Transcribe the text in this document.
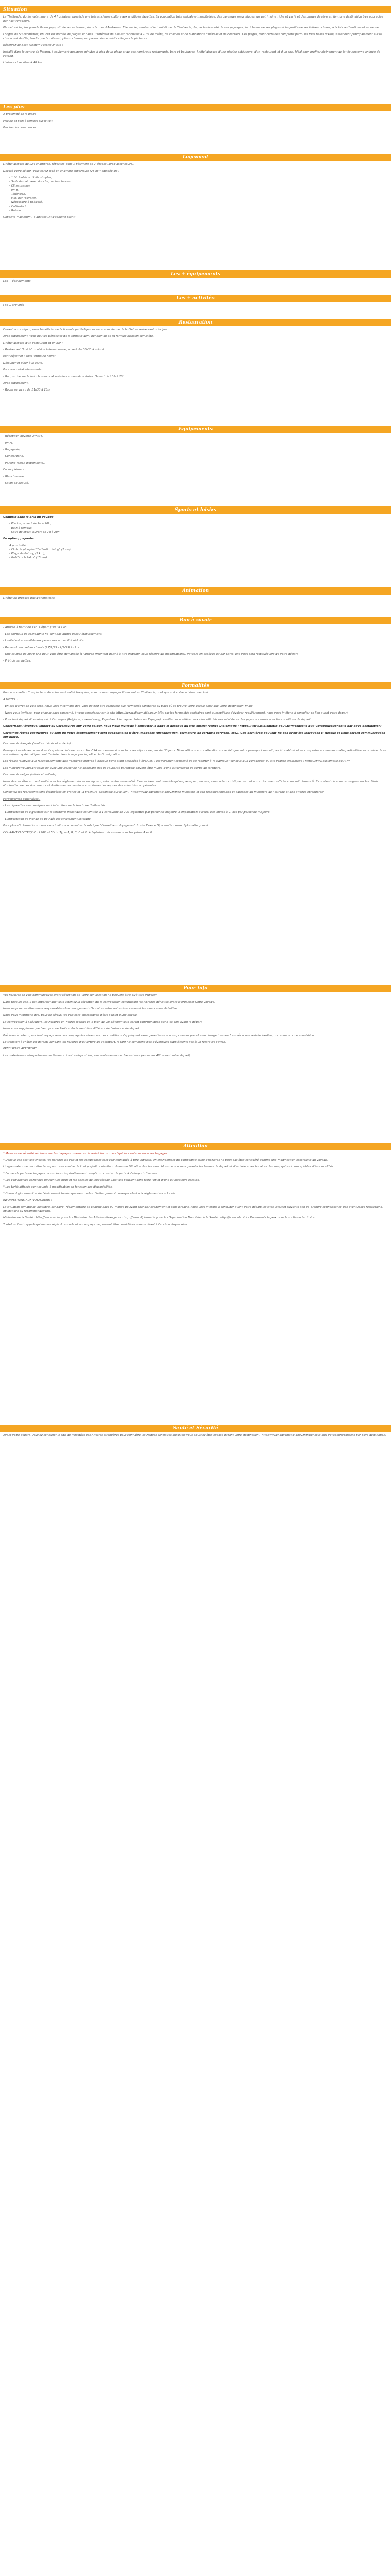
Situation

La Thaïlande, dotée notamment de 4 frontières, possède une très ancienne culture aux multiples facettes. Sa population très amicale et hospitalière, des paysages magnifiques, un patrimoine riche et varié et des plages de rêve en font une destination très appréciée par nos voyageurs.

Phuket est la plus grande île du pays, située au sud-ouest, dans la mer d'Andaman. Elle est le premier pôle touristique de Thaïlande, de par la diversité de ses paysages, la richesse de ses plages et la qualité de ses infrastructures, à la fois authentique et moderne.

Longue de 50 kilomètres, Phuket est bordée de plages et baies. L'intérieur de l'île est recouvert à 70% de forêts, de collines et de plantations d'hévéas et de cocotiers. Les plages, dont certaines comptent parmi les plus belles d'Asie, s'étendent principalement sur la côte ouest de l'île, tandis que la côte est, plus rocheuse, est parsemée de petits villages de pêcheurs.

Réservez au Best Western Patong 3* sup !

Installé dans le centre de Patong, à seulement quelques minutes à pied de la plage et de ses nombreux restaurants, bars et boutiques, l'hôtel dispose d'une piscine extérieure, d'un restaurant et d'un spa. Idéal pour profiter pleinement de la vie nocturne animée de Patong.

L'aéroport se situe à 40 km.

Les plus

A proximité de la plage

Piscine et bain à remous sur le toit

Proche des commerces

Logement

L'hôtel dispose de 224 chambres, réparties dans 1 bâtiment de 7 étages (avec ascenseurs).

Decoré votre séjour, vous serez logé en chambre supérieure (25 m²) équipée de :

• - 1 lit double ou 2 lits simples,
• - Salle de bain avec douche, sèche-cheveux,
• - Climatisation,
• - Wi-fi,
• - Télévision,
• - Mini-bar (payant),
• - Nécessaire à thé/café,
• - Coffre-fort,
• - Balcon.

Capacité maximum : 3 adultes (lit d'appoint pliant).

Les + équipements

Les + équipements

Les + activités

Les + activités

Restauration

Durant votre séjour, vous bénéficiez de la formule petit-déjeuner servi sous forme de buffet au restaurant principal.

Avec supplément, vous pouvez bénéficier de la formule demi-pension ou de la formule pension complète.

L'hôtel dispose d'un restaurant et un bar :

- Restaurant "Inside" : cuisine internationale, ouvert de 06h30 à minuit.

Petit déjeuner : sous forme de buffet.

Déjeuner et dîner à la carte.

Pour vos rafraîchissements :

- Bar piscine sur le toit : boissons alcoolisées et non alcoolisées. Ouvert de 10h à 20h.

Avec supplément :

- Room service : de 11h30 à 23h.

Equipements

- Réception ouverte 24h/24,

- Wi-Fi,

- Bagagerie,

- Conciergerie,

- Parking (selon disponibilité).

En supplément :

- Blanchisserie,

- Salon de beauté.

Sports et loisirs

Compris dans le prix du voyage

• - Piscine, ouvert de 7h à 20h,
• - Bain à remous,
• - Salle de sport, ouvert de 7h à 20h.

En option, payante

• A proximité :
• - Club de plongée "L'atlantic diving" (2 km),
• - Plage de Patong (2 km),
• - Golf "Loch Palm" (15 km).
Animation

L'hôtel ne propose pas d'animations.

Bon à savoir

- Arrivée à partir de 14h. Départ jusqu'à 12h.

- Les animaux de compagnie ne sont pas admis dans l'établissement.

- L'hôtel est accessible aux personnes à mobilité réduite.

- Repas du nouvel an chinois (17/1/25 - 2/2/25) inclus.

- Une caution de 3000 THB peut vous être demandée à l'arrivée (montant donné à titre indicatif, sous réserve de modifications). Payable en espèces ou par carte. Elle vous sera restituée lors de votre départ.

- Prêt de serviettes.

Formalités

Bonne nouvelle : Compte tenu de votre nationalité française, vous pouvez voyager librement en Thaïlande, quel que soit votre schéma vaccinal.

A NOTER :

- En cas d'arrêt de vols secs, nous vous informons que vous devrez être conforme aux formalités sanitaires du pays où se trouve votre escale ainsi que votre destination finale.

- Nous vous invitons, pour chaque pays concerné, à vous renseigner sur le site https://www.diplomatie.gouv.fr/fr/ car les formalités sanitaires sont susceptibles d'évoluer régulièrement, nous vous invitons à consulter ce lien avant votre départ.

- Pour tout départ d'un aéroport à l'étranger (Belgique, Luxembourg, Pays-Bas, Allemagne, Suisse ou Espagne), veuillez vous référer aux sites officiels des ministères des pays concernés pour les conditions de départ.

Concernant l'éventuel impact du Coronavirus sur votre séjour, nous vous invitons à consulter la page ci-dessous du site officiel France Diplomatie : https://www.diplomatie.gouv.fr/fr/conseils-aux-voyageurs/conseils-par-pays-destination/

Certaines règles restrictives au sein de votre établissement sont susceptibles d'être imposées (distanciation, fermeture de certains services, etc.). Ces dernières peuvent ne pas avoir été indiquées ci-dessus et vous seront communiquées sur place.

Documents français (adultes, bébés et enfants) :

Passeport valide au moins 6 mois après la date de retour. Un VISA est demandé pour tous les séjours de plus de 30 jours. Nous attirons votre attention sur le fait que votre passeport ne doit pas être abîmé et ne comporter aucune anomalie particulière sous peine de se voir refuser systématiquement l'entrée dans le pays par la police de l'immigration.

Les règles relatives aux fonctionnements des frontières propres à chaque pays étant amenées à évoluer, il est vivement conseillé de se reporter à la rubrique "conseils aux voyageurs" du site France Diplomatie : https://www.diplomatie.gouv.fr/

Les mineurs voyageant seuls ou avec une personne ne disposant pas de l'autorité parentale doivent être munis d'une autorisation de sortie du territoire.

Documents belges (bébés et enfants) :

Nous devons être en conformité pour les réglementations en vigueur, selon votre nationalité. Il est notamment possible qu'un passeport, un visa, une carte touristique ou tout autre document officiel vous soit demandé. Il convient de vous renseigner sur les délais d'obtention de ces documents et d'effectuer vous-même vos démarches auprès des autorités compétentes.

Consultez les représentations étrangères en France et la brochure disponible sur le lien : https://www.diplomatie.gouv.fr/fr/le-ministere-et-son-reseau/annuaires-et-adresses-du-ministere-de-l-europe-et-des-affaires-etrangeres/

Particularités douanières :

- Les cigarettes électroniques sont interdites sur le territoire thaïlandais.

- L'importation de cigarettes sur le territoire thaïlandais est limitée à 1 cartouche de 200 cigarettes par personne majeure. L'importation d'alcool est limitée à 1 litre par personne majeure.

- L'importation de viande de bovidés est strictement interdite.

Pour plus d'informations, nous vous invitons à consulter la rubrique "Conseil aux Voyageurs" du site France Diplomatie : www.diplomatie.gouv.fr

COURANT ÉLECTRIQUE : 220V et 50Hz, Type A, B, C, F et O. Adaptateur nécessaire pour les prises A et B.

Pour info

Vos horaires de vols communiqués avant réception de votre convocation ne peuvent être qu'à titre indicatif.

Dans tous les cas, il est impératif que vous reteniez la réception de la convocation comportant les horaires définitifs avant d'organiser votre voyage.

Nous ne pouvons être tenus responsables d'un changement d'horaires entre votre réservation et la convocation définitive.

Nous vous informons que, pour ce séjour, les vols sont susceptibles d'être l'objet d'une escale.

La convocation à l'aéroport, les horaires en heures locales et le plan de vol définitif vous seront communiqués dans les 48h avant le départ.

Nous vous suggérons que l'aéroport de Paris et Paris peut être différent de l'aéroport de départ.

Précision à noter : pour tout voyage avec les compagnies aériennes, ces conditions s'appliquent sans garanties que nous pourrons prendre en charge tous les frais liés à une arrivée tardive, un retard ou une annulation.

Le transfert à l'hôtel est garanti pendant les horaires d'ouverture de l'aéroport, le tarif ne comprend pas d'éventuels suppléments liés à un retard de l'avion.

PRÉCISIONS AÉROPORT :

Les plateformes aéroportuaires se tiennent à votre disposition pour toute demande d'assistance (au moins 48h avant votre départ).

Attention

* Mesures de sécurité aérienne sur les bagages : mesures de restriction sur les liquides contenus dans les bagages.

* Dans le cas des vols charter, les horaires de vols et les compagnies sont communiqués à titre indicatif. Un changement de compagnie et/ou d'horaires ne peut pas être considéré comme une modification essentielle du voyage.

L'organisateur ne peut être tenu pour responsable de tout préjudice résultant d'une modification des horaires. Nous ne pouvons garantir les heures de départ et d'arrivée et les horaires des vols, qui sont susceptibles d'être modifiés.

* En cas de perte de bagages, vous devez impérativement remplir un constat de perte à l'aéroport d'arrivée.

* Les compagnies aériennes utilisent les hubs et les escales de leur réseau. Les vols peuvent donc faire l'objet d'une ou plusieurs escales.

* Les tarifs affichés sont soumis à modification en fonction des disponibilités.

* Chronologiquement et de l'évènement touristique des modes d'hébergement correspondant à la réglementation locale.

INFORMATIONS AUX VOYAGEURS :

La situation climatique, politique, sanitaire, réglementaire de chaque pays du monde pouvant changer subitement et sans préavis, nous vous invitons à consulter avant votre départ les sites internet suivants afin de prendre connaissance des éventuelles restrictions, obligations ou recommandations.

Ministère de la Santé : http://www.sante.gouv.fr - Ministère des Affaires étrangères : http://www.diplomatie.gouv.fr - Organisation Mondiale de la Santé : http://www.who.int - Documents légaux pour la sortie du territoire.

Toutefois il est rappelé qu'aucune règle du monde ni aucun pays ne peuvent être considérés comme étant à l'abri du risque zéro.

Santé et Sécurité

Avant votre départ, veuillez consulter le site du ministère des Affaires étrangères pour connaître les risques sanitaires auxquels vous pourriez être exposé durant votre destination : https://www.diplomatie.gouv.fr/fr/conseils-aux-voyageurs/conseils-par-pays-destination/
